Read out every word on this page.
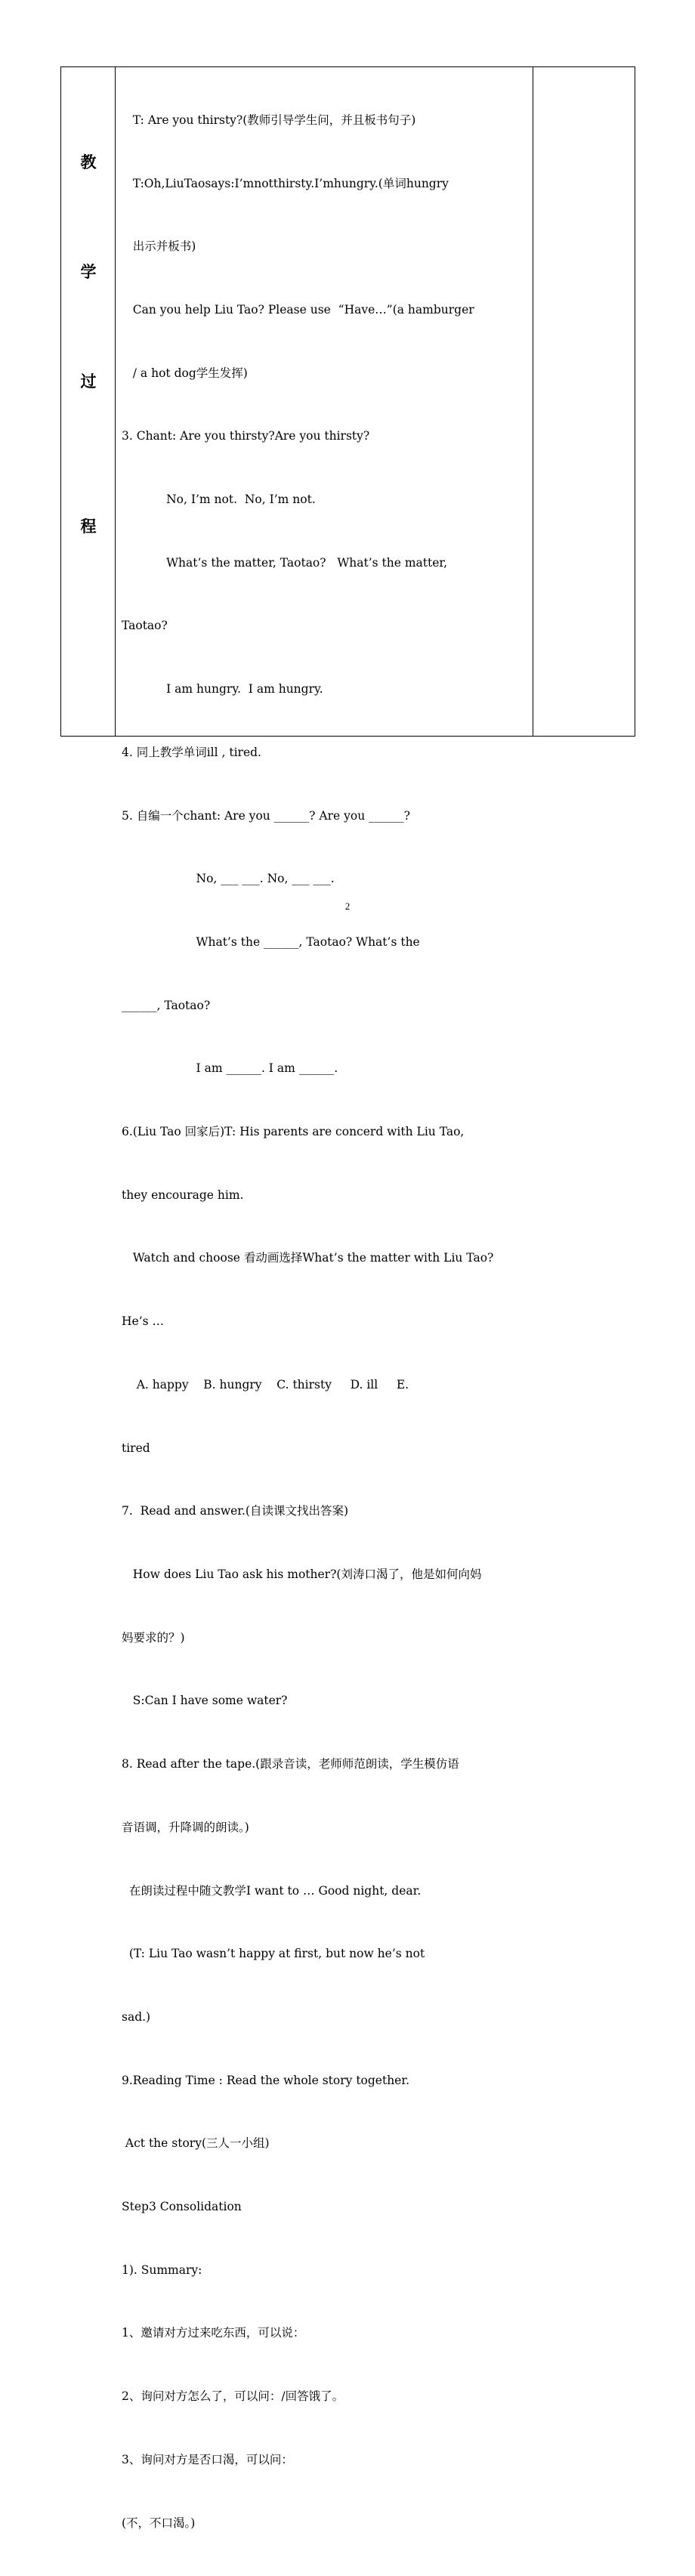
教
学
过
程

T: Are you thirsty?(教师引导学生问，并且板书句子)

T:Oh,LiuTaosays:I’mnotthirsty.I’mhungry.(单词hungry

出示并板书)

Can you help Liu Tao? Please use  “Have…”(a hamburger

/ a hot dog学生发挥)

3. Chant: Are you thirsty?Are you thirsty?

No, I’m not.  No, I’m not.

What’s the matter, Taotao?   What’s the matter,

Taotao?

I am hungry.  I am hungry.

4. 同上教学单词ill , tired.

5. 自编一个chant: Are you ______? Are you ______?

No, ___ ___. No, ___ ___.

What’s the ______, Taotao? What’s the

______, Taotao?

I am ______. I am ______.

6.(Liu Tao 回家后)T: His parents are concerd with Liu Tao,

they encourage him.

Watch and choose 看动画选择What’s the matter with Liu Tao?

He’s …

A. happy    B. hungry    C. thirsty     D. ill     E.

tired

7.  Read and answer.(自读课文找出答案)

How does Liu Tao ask his mother?(刘涛口渴了，他是如何向妈

妈要求的？)

S:Can I have some water?

8. Read after the tape.(跟录音读，老师师范朗读，学生模仿语

音语调，升降调的朗读。)

在朗读过程中随文教学I want to … Good night, dear.

(T: Liu Tao wasn’t happy at first, but now he’s not

sad.)

9.Reading Time : Read the whole story together.

Act the story(三人一小组)

Step3 Consolidation

1). Summary:

1、邀请对方过来吃东西，可以说：

2、询问对方怎么了，可以问：/回答饿了。

3、询问对方是否口渴，可以问：

(不，不口渴。)

2
